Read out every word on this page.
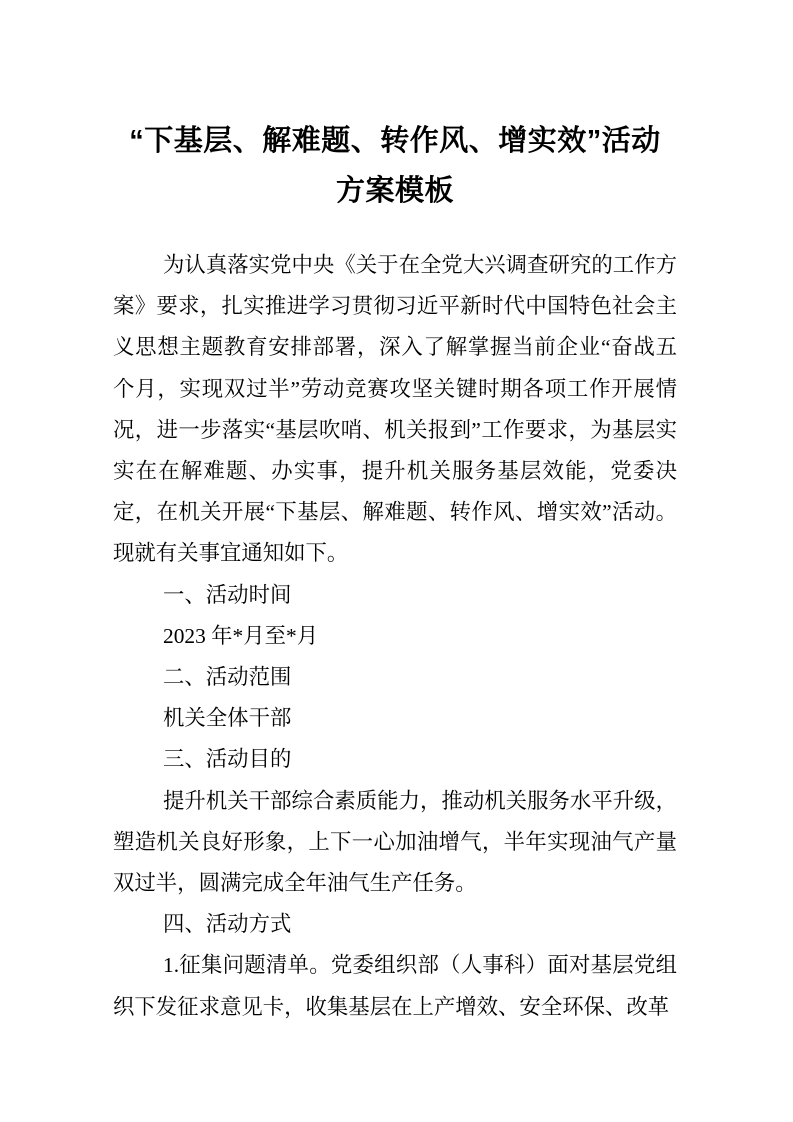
“下基层、解难题、转作风、增实效”活动
方案模板

为认真落实党中央《关于在全党大兴调查研究的工作方案》要求，扎实推进学习贯彻习近平新时代中国特色社会主义思想主题教育安排部署，深入了解掌握当前企业“奋战五个月，实现双过半”劳动竞赛攻坚关键时期各项工作开展情况，进一步落实“基层吹哨、机关报到”工作要求，为基层实实在在解难题、办实事，提升机关服务基层效能，党委决定，在机关开展“下基层、解难题、转作风、增实效”活动。现就有关事宜通知如下。

一、活动时间

2023 年*月至*月

二、活动范围

机关全体干部

三、活动目的

提升机关干部综合素质能力，推动机关服务水平升级，塑造机关良好形象，上下一心加油增气，半年实现油气产量双过半，圆满完成全年油气生产任务。

四、活动方式

1.征集问题清单。党委组织部（人事科）面对基层党组织下发征求意见卡，收集基层在上产增效、安全环保、改革
